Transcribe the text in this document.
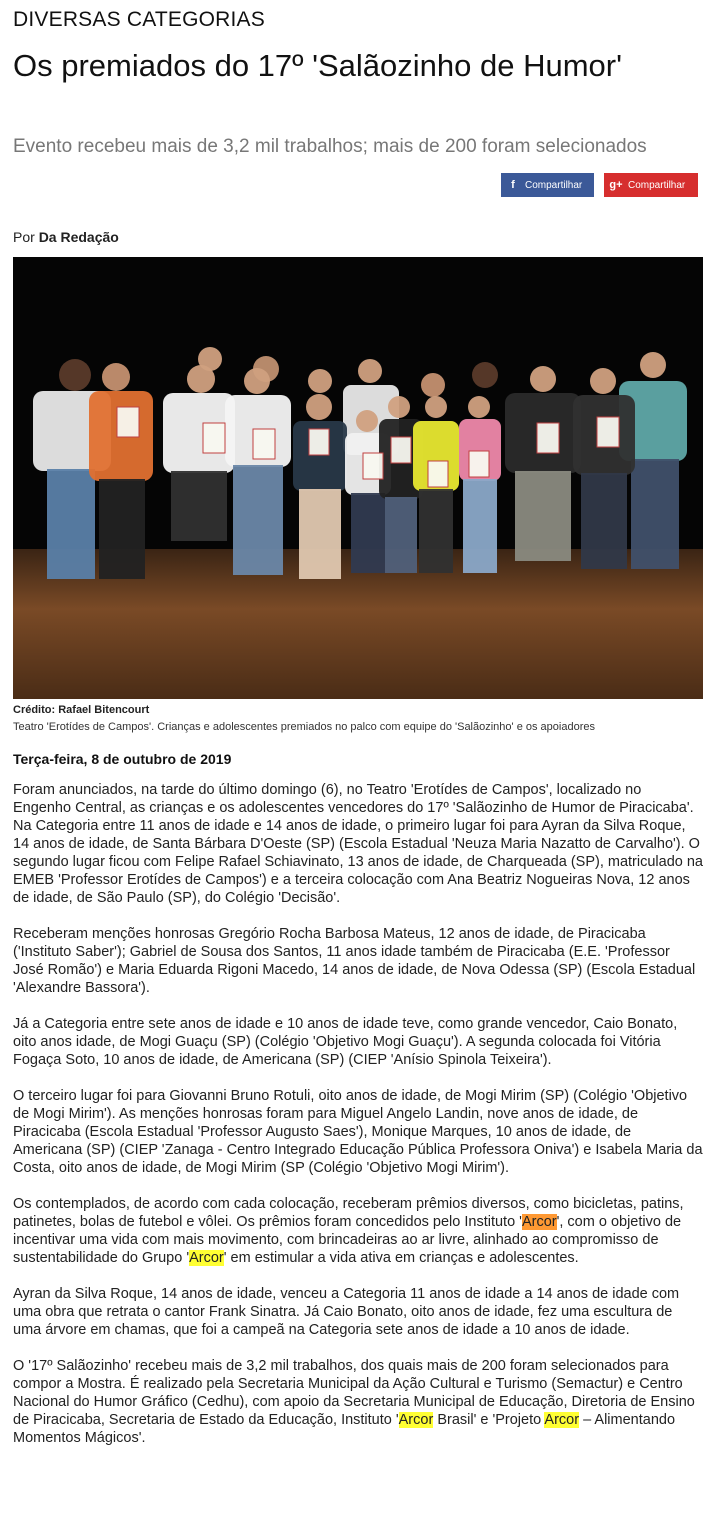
DIVERSAS CATEGORIAS
Os premiados do 17º 'Salãozinho de Humor'
Evento recebeu mais de 3,2 mil trabalhos; mais de 200 foram selecionados
f	Compartilhar	g+ Compartilhar
Por Da Redação
Crédito: Rafael Bitencourt
Teatro 'Erotídes de Campos'. Crianças e adolescentes premiados no palco com equipe do 'Salãozinho' e os apoiadores
Terça-feira, 8 de outubro de 2019

Foram anunciados, na tarde do último domingo (6), no Teatro 'Erotídes de Campos', localizado no Engenho Central, as crianças e os adolescentes vencedores do 17º 'Salãozinho de Humor de Piracicaba'. Na Categoria entre 11 anos de idade e 14 anos de idade, o primeiro lugar foi para Ayran da Silva Roque, 14 anos de idade, de Santa Bárbara D'Oeste (SP) (Escola Estadual 'Neuza Maria Nazatto de Carvalho'). O segundo lugar ficou com Felipe Rafael Schiavinato, 13 anos de idade, de Charqueada (SP), matriculado na EMEB 'Professor Erotídes de Campos') e a terceira colocação com Ana Beatriz Nogueiras Nova, 12 anos de idade, de São Paulo (SP), do Colégio 'Decisão'.

Receberam menções honrosas Gregório Rocha Barbosa Mateus, 12 anos de idade, de Piracicaba ('Instituto Saber'); Gabriel de Sousa dos Santos, 11 anos idade também de Piracicaba (E.E. 'Professor José Romão') e Maria Eduarda Rigoni Macedo, 14 anos de idade, de Nova Odessa (SP) (Escola Estadual 'Alexandre Bassora').

Já a Categoria entre sete anos de idade e 10 anos de idade teve, como grande vencedor, Caio Bonato, oito anos idade, de Mogi Guaçu (SP) (Colégio 'Objetivo Mogi Guaçu'). A segunda colocada foi Vitória Fogaça Soto, 10 anos de idade, de Americana (SP) (CIEP 'Anísio Spinola Teixeira').

O terceiro lugar foi para Giovanni Bruno Rotuli, oito anos de idade, de Mogi Mirim (SP) (Colégio 'Objetivo de Mogi Mirim'). As menções honrosas foram para Miguel Angelo Landin, nove anos de idade, de Piracicaba (Escola Estadual 'Professor Augusto Saes'), Monique Marques, 10 anos de idade, de Americana (SP) (CIEP 'Zanaga - Centro Integrado Educação Pública Professora Oniva') e Isabela Maria da Costa, oito anos de idade, de Mogi Mirim (SP (Colégio 'Objetivo Mogi Mirim').

Os contemplados, de acordo com cada colocação, receberam prêmios diversos, como bicicletas, patins, patinetes, bolas de futebol e vôlei. Os prêmios foram concedidos pelo Instituto 'Arcor', com o objetivo de incentivar uma vida com mais movimento, com brincadeiras ao ar livre, alinhado ao compromisso de sustentabilidade do Grupo 'Arcor' em estimular a vida ativa em crianças e adolescentes.

Ayran da Silva Roque, 14 anos de idade, venceu a Categoria 11 anos de idade a 14 anos de idade com uma obra que retrata o cantor Frank Sinatra. Já Caio Bonato, oito anos de idade, fez uma escultura de uma árvore em chamas, que foi a campeã na Categoria sete anos de idade a 10 anos de idade.

O '17º Salãozinho' recebeu mais de 3,2 mil trabalhos, dos quais mais de 200 foram selecionados para compor a Mostra. É realizado pela Secretaria Municipal da Ação Cultural e Turismo (Semactur) e Centro Nacional do Humor Gráfico (Cedhu), com apoio da Secretaria Municipal de Educação, Diretoria de Ensino de Piracicaba, Secretaria de Estado da Educação, Instituto 'Arcor Brasil' e 'Projeto Arcor – Alimentando Momentos Mágicos'.
